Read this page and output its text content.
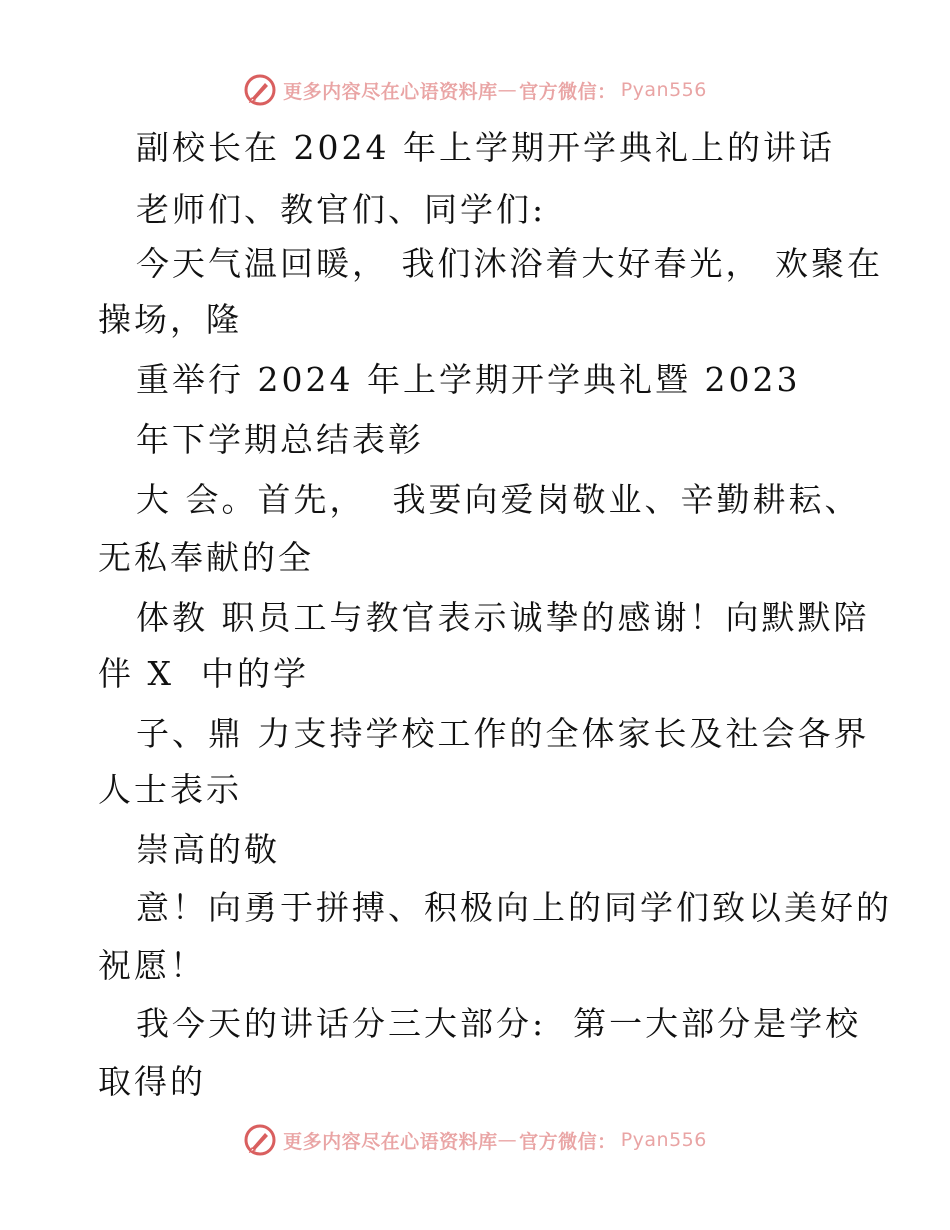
更多内容尽在心语资料库 — 官方微信： Pyan556
副校长在 2024 年上学期开学典礼上的讲话
老师们、教官们、同学们:
今天气温回暖， 我们沐浴着大好春光， 欢聚在
操场，隆
重举行 2024 年上学期开学典礼暨 2023
年下学期总结表彰
大 会。首先，  我要向爱岗敬业、辛勤耕耘、
无私奉献的全
体教 职员工与教官表示诚挚的感谢！向默默陪
伴 X  中的学
子、鼎 力支持学校工作的全体家长及社会各界
人士表示
崇高的敬
意！向勇于拼搏、积极向上的同学们致以美好的
祝愿！
我今天的讲话分三大部分:  第一大部分是学校
取得的
更多内容尽在心语资料库 — 官方微信： Pyan556
